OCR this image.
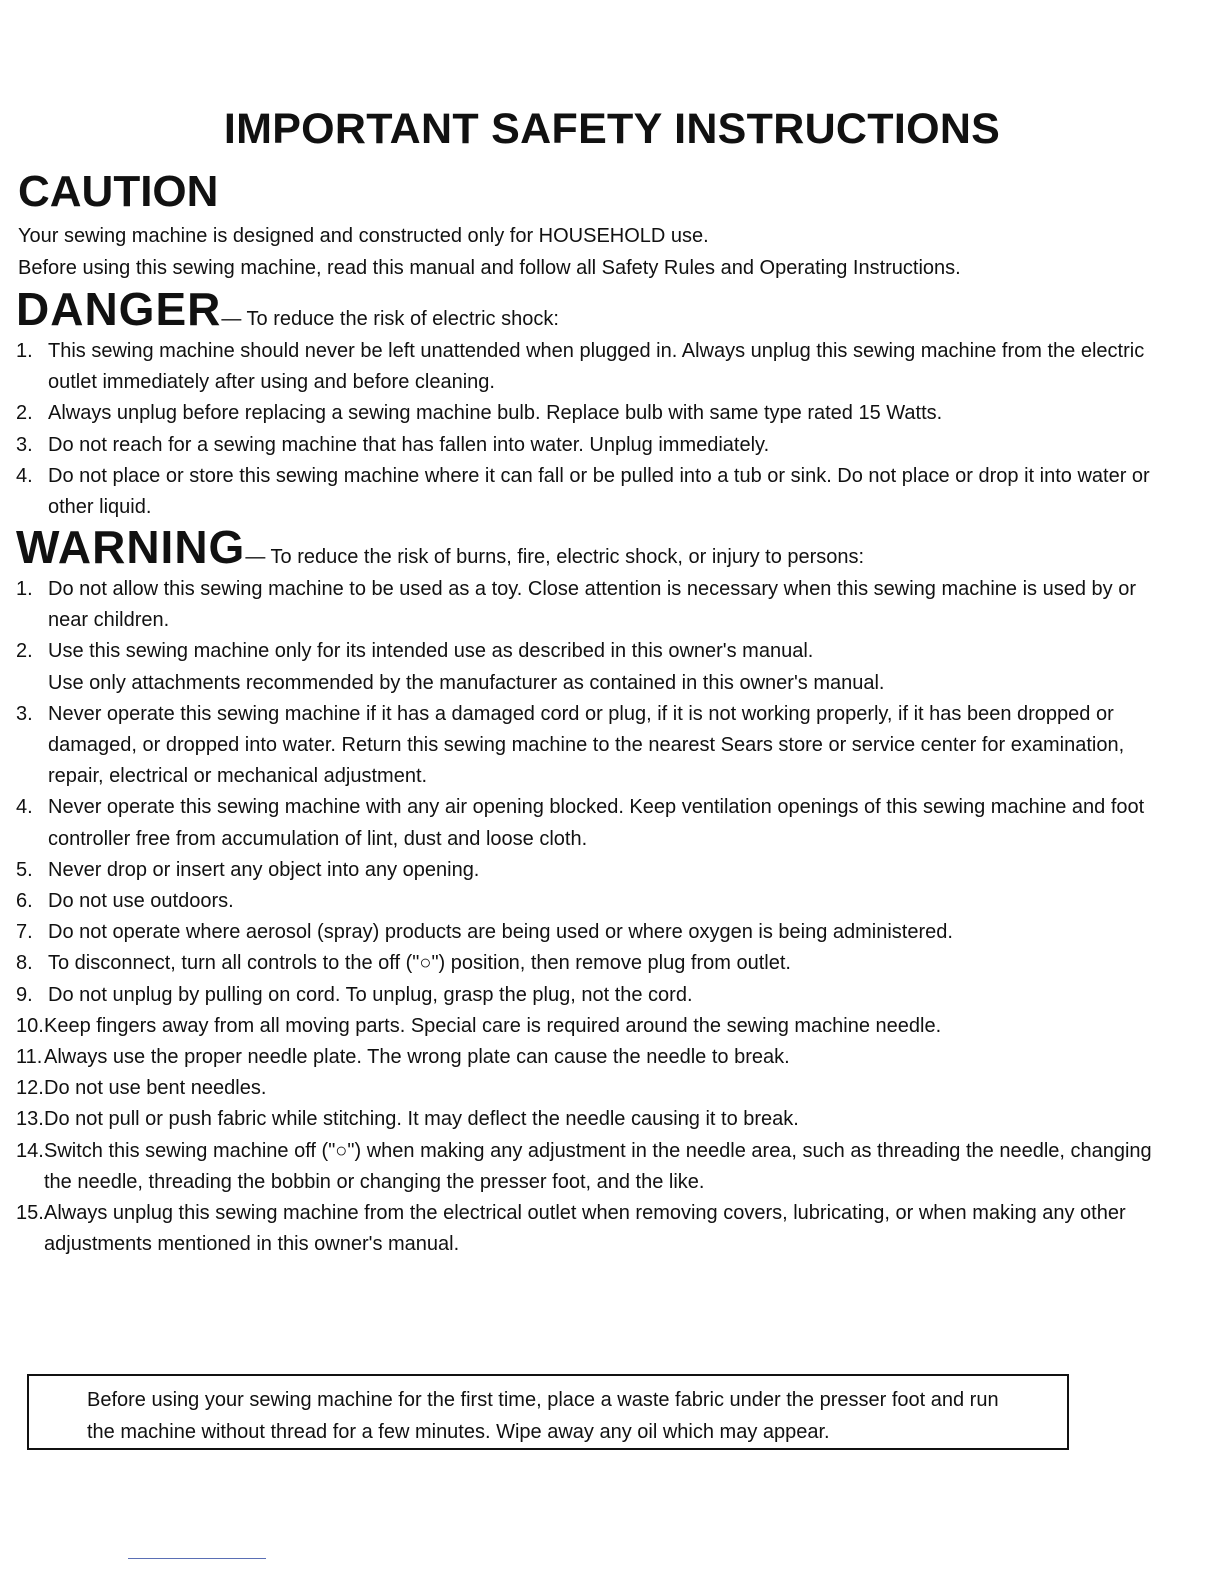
IMPORTANT SAFETY INSTRUCTIONS
CAUTION

Your sewing machine is designed and constructed only for HOUSEHOLD use.

Before using this sewing machine, read this manual and follow all Safety Rules and Operating Instructions.

DANGER— To reduce the risk of electric shock:
1. This sewing machine should never be left unattended when plugged in. Always unplug this sewing machine from the electric outlet immediately after using and before cleaning.
2. Always unplug before replacing a sewing machine bulb. Replace bulb with same type rated 15 Watts.
3. Do not reach for a sewing machine that has fallen into water. Unplug immediately.
4. Do not place or store this sewing machine where it can fall or be pulled into a tub or sink. Do not place or drop it into water or other liquid.
WARNING— To reduce the risk of burns, fire, electric shock, or injury to persons:
1. Do not allow this sewing machine to be used as a toy. Close attention is necessary when this sewing machine is used by or near children.
2. Use this sewing machine only for its intended use as described in this owner's manual.
Use only attachments recommended by the manufacturer as contained in this owner's manual.
3. Never operate this sewing machine if it has a damaged cord or plug, if it is not working properly, if it has been dropped or damaged, or dropped into water. Return this sewing machine to the nearest Sears store or service center for examination, repair, electrical or mechanical adjustment.
4. Never operate this sewing machine with any air opening blocked. Keep ventilation openings of this sewing machine and foot controller free from accumulation of lint, dust and loose cloth.
5. Never drop or insert any object into any opening.
6. Do not use outdoors.
7. Do not operate where aerosol (spray) products are being used or where oxygen is being administered.
8. To disconnect, turn all controls to the off ("○") position, then remove plug from outlet.
9. Do not unplug by pulling on cord. To unplug, grasp the plug, not the cord.
10. Keep fingers away from all moving parts. Special care is required around the sewing machine needle.
11. Always use the proper needle plate. The wrong plate can cause the needle to break.
12. Do not use bent needles.
13. Do not pull or push fabric while stitching. It may deflect the needle causing it to break.
14. Switch this sewing machine off ("○") when making any adjustment in the needle area, such as threading the needle, changing the needle, threading the bobbin or changing the presser foot, and the like.
15. Always unplug this sewing machine from the electrical outlet when removing covers, lubricating, or when making any other adjustments mentioned in this owner's manual.
Before using your sewing machine for the first time, place a waste fabric under the presser foot and run the machine without thread for a few minutes. Wipe away any oil which may appear.
